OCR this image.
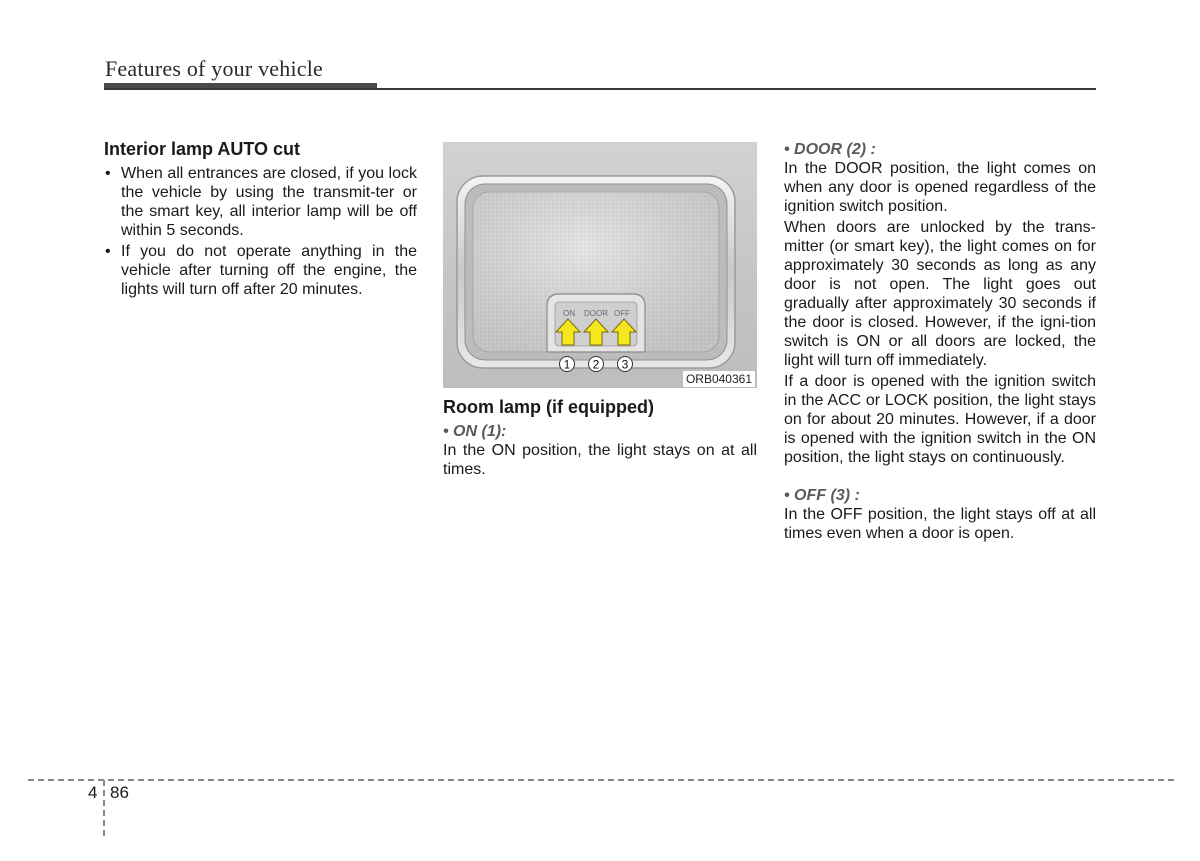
Features of your vehicle
Interior lamp AUTO cut
• When all entrances are closed, if you lock the vehicle by using the transmit-ter or the smart key, all interior lamp will be off within 5 seconds.
• If you do not operate anything in the vehicle after turning off the engine, the lights will turn off after 20 minutes.
ON DOOR OFF
1 2 3
ORB040361
Room lamp (if equipped)

• ON (1):

In the ON position, the light stays on at all times.

• DOOR (2) :

In the DOOR position, the light comes on when any door is opened regardless of the ignition switch position.

When doors are unlocked by the trans-mitter (or smart key), the light comes on for approximately 30 seconds as long as any door is not open. The light goes out gradually after approximately 30 seconds if the door is closed. However, if the igni-tion switch is ON or all doors are locked, the light will turn off immediately.

If a door is opened with the ignition switch in the ACC or LOCK position, the light stays on for about 20 minutes. However, if a door is opened with the ignition switch in the ON position, the light stays on continuously.

• OFF (3) :

In the OFF position, the light stays off at all times even when a door is open.

4 86
